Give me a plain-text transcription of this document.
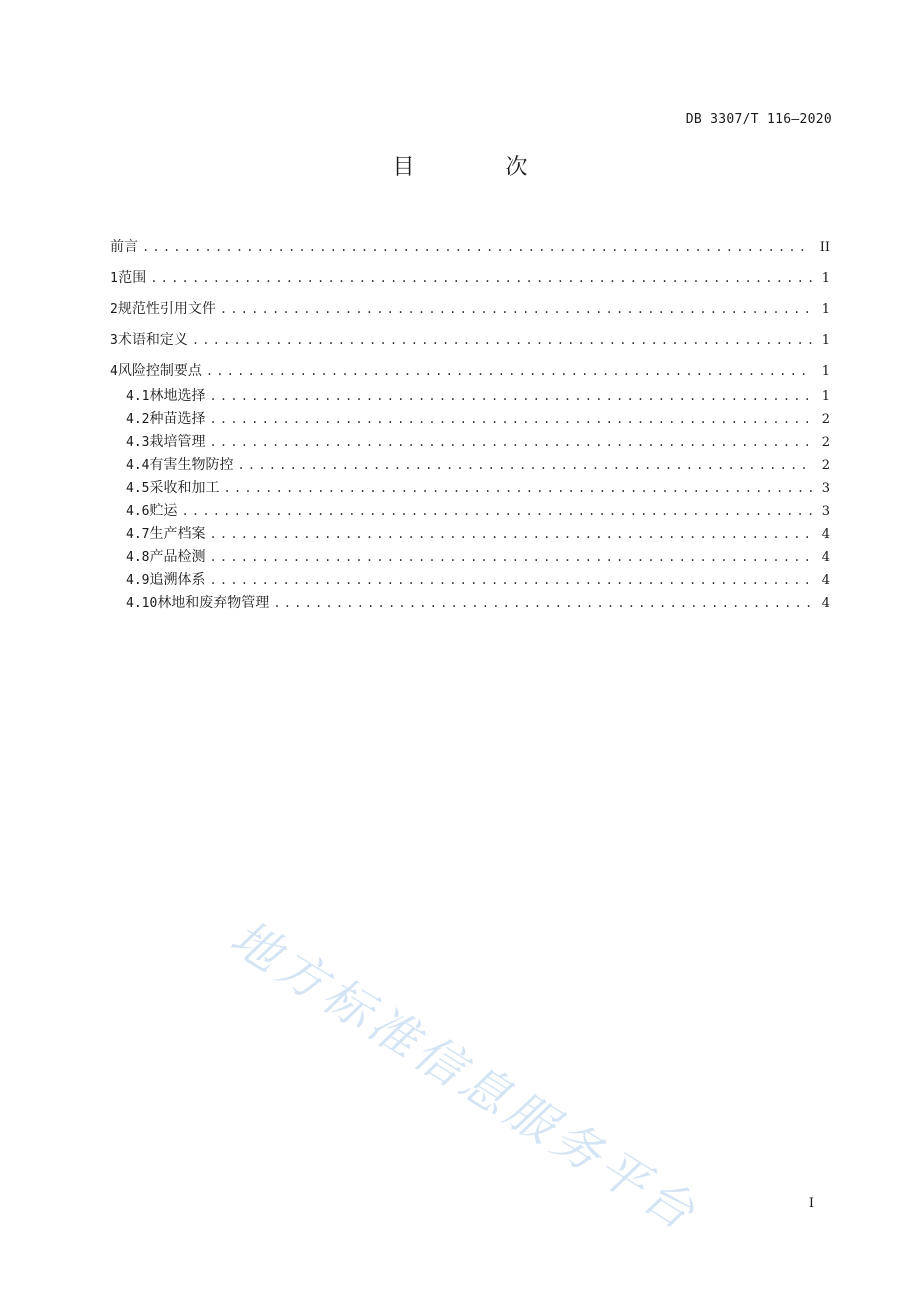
DB 3307/T 116—2020
目 次
前言 .....	II
1 范围 .....	1
2 规范性引用文件 .....	1
3 术语和定义 .....	1
4 风险控制要点 .....	1
4.1 林地选择 .....	1
4.2 种苗选择 .....	2
4.3 栽培管理 .....	2
4.4 有害生物防控 .....	2
4.5 采收和加工 .....	3
4.6 贮运 .....	3
4.7 生产档案 .....	4
4.8 产品检测 .....	4
4.9 追溯体系 .....	4
4.10 林地和废弃物管理 .....	4
地方标准信息服务平台	I
